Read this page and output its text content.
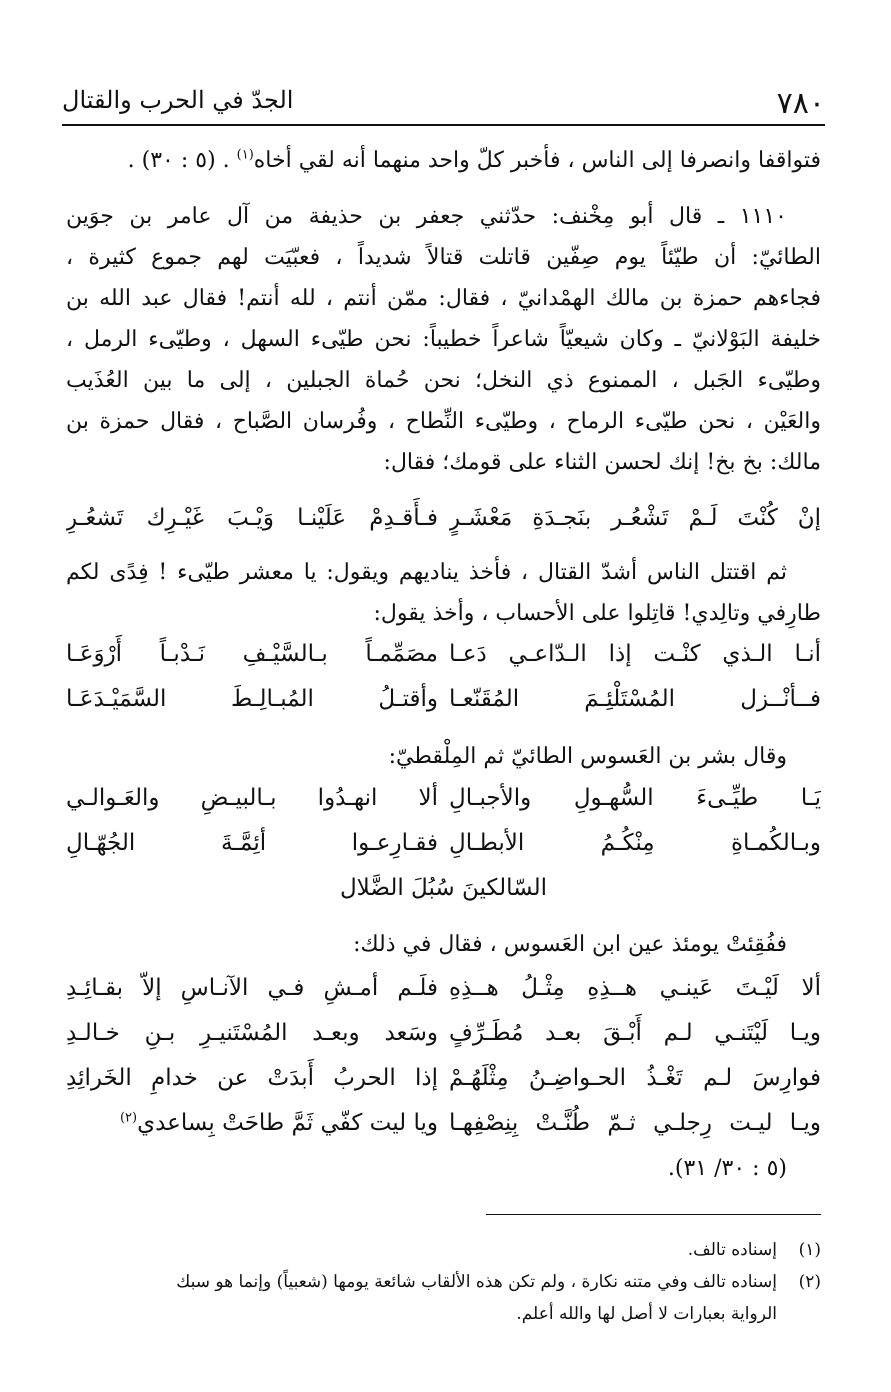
٧٨٠
الجدّ في الحرب والقتال
فتواقفا وانصرفا إلى الناس ، فأخبر كلّ واحد منهما أنه لقي أخاه$^{(١)}$ . (٥ : ٣٠) .
١١١٠ ـ قال أبو مِخْنف: حدّثني جعفر بن حذيفة من آل عامر بن جوَين
الطائيّ: أن طيّئاً يوم صِفّين قاتلت قتالاً شديداً ، فعبّيَت لهم جموع كثيرة ،
فجاءهم حمزة بن مالك الهمْدانيّ ، فقال: ممّن أنتم ، لله أنتم! فقال عبد الله بن
خليفة البَوْلانيّ ـ وكان شيعيّاً شاعراً خطيباً: نحن طيّىء السهل ، وطيّىء الرمل ،
وطيّىء الجَبل ، الممنوع ذي النخل؛ نحن حُماة الجبلين ، إلى ما بين العُذَيب
والعَيْن ، نحن طيّىء الرماح ، وطيّىء النِّطاح ، وفُرسان الصَّباح ، فقال حمزة بن
مالك: بخ بخ! إنك لحسن الثناء على قومك؛ فقال:
إنْ كُنْتَ لَـمْ تَشْعُـر بنَجـدَةِ مَعْشَـرٍ
فـأَقـدِمْ عَلَيْنـا وَيْـبَ غَيْـرِك تَشعُـرِ
ثم اقتتل الناس أشدّ القتال ، فأخذ يناديهم ويقول: يا معشر طيّىء ! فِدًى لكم
طارِفي وتالِدي! قاتِلوا على الأحساب ، وأخذ يقول:
أنـا الـذي كنْـت إذا الـدّاعـي دَعـا
مصَمِّمـاً بـالسَّيْـفِ نَـدْبـاً أَرْوَعَـا
فــأنْــزل المُسْتَلْئِـمَ المُقَنّعـا
وأقتـلُ المُبـالِـطَ السَّمَيْـدَعَـا
وقال بشر بن العَسوس الطائيّ ثم المِلْقطيّ:
يَـا طيِّـىءَ السُّهـولِ والأجبـالِ
ألا انهـدُوا بـالبيـضِ والعَـوالـي
وبـالكُمـاةِ مِنْكُـمُ الأبطـالِ
فقـارِعـوا أئِمَّـةَ الجُهّـالِ
السّالكينَ سُبُلَ الضَّلال
ففُقِئتْ يومئذ عين ابن العَسوس ، فقال في ذلك:
ألا لَيْـتَ عَينـي هــذِهِ مِثْـلُ هــذِهِ
فلَـم أمـشِ فـي الآنـاسِ إلاّ بقـائِـدِ
ويـا لَيْتَنـي لـم أَبْـقَ بعـد مُطَـرِّفٍ
وسَعد وبعـد المُسْتَنيـرِ بـنِ خـالـدِ
فوارِسَ لـم تَغْـذُ الحـواضِـنُ مِثْلَهُـمْ
إذا الحربُ أَبدَتْ عن خدامِ الخَرائِدِ
ويـا ليـت رِجلـي ثـمّ طُنَّـتْ بِنِصْفِهـا
ويا ليت كفّي ثَمَّ طاحَتْ بِساعدي$^{(٢)}$
(٥ : ٣٠/ ٣١).
(١)إسناده تالف.
(٢)إسناده تالف وفي متنه نكارة ، ولم تكن هذه الألقاب شائعة يومها (شعبياً) وإنما هو سبك
الرواية بعبارات لا أصل لها والله أعلم.
